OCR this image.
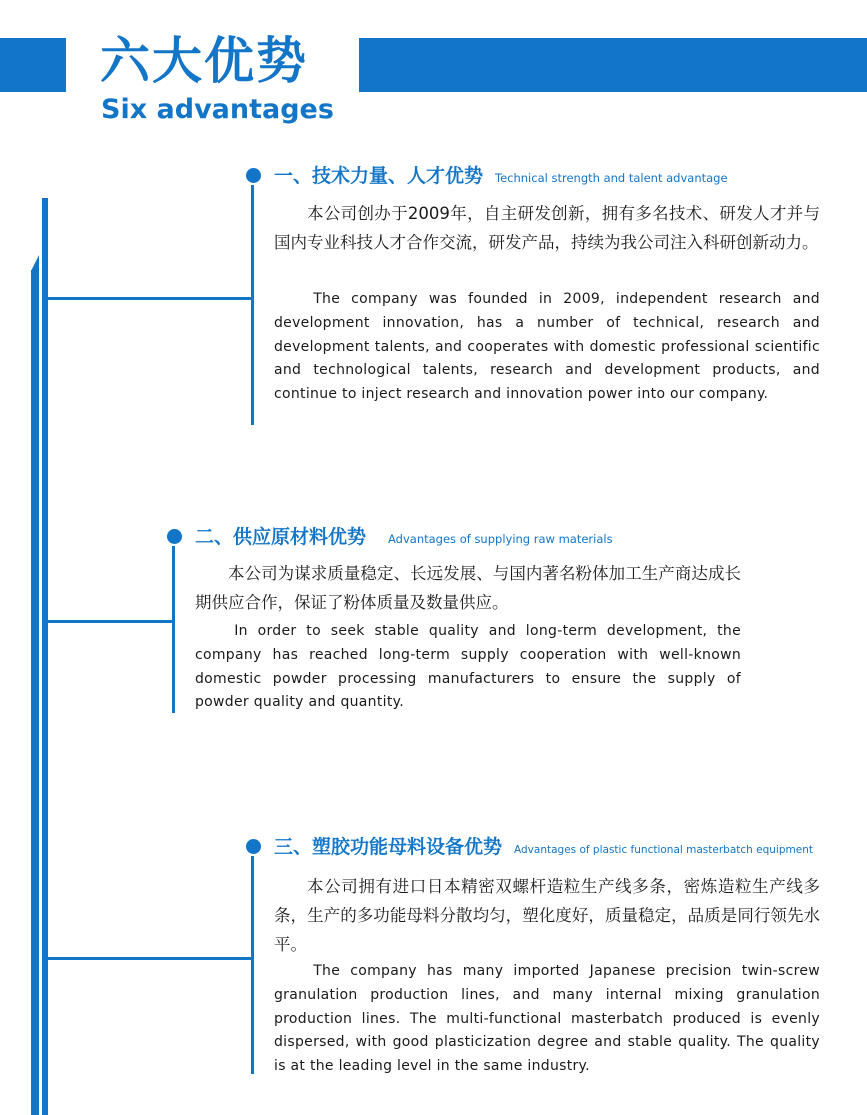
六大优势
Six advantages
一、技术力量、人才优势 Technical strength and talent advantage

本公司创办于2009年，自主研发创新，拥有多名技术、研发人才并与国内专业科技人才合作交流，研发产品，持续为我公司注入科研创新动力。

The company was founded in 2009, independent research and development innovation, has a number of technical, research and development talents, and cooperates with domestic professional scientific and technological talents, research and development products, and continue to inject research and innovation power into our company.

二、供应原材料优势 Advantages of supplying raw materials

本公司为谋求质量稳定、长远发展、与国内著名粉体加工生产商达成长期供应合作，保证了粉体质量及数量供应。

In order to seek stable quality and long-term development, the company has reached long-term supply cooperation with well-known domestic powder processing manufacturers to ensure the supply of powder quality and quantity.

三、塑胶功能母料设备优势 Advantages of plastic functional masterbatch equipment

本公司拥有进口日本精密双螺杆造粒生产线多条，密炼造粒生产线多条，生产的多功能母料分散均匀，塑化度好，质量稳定，品质是同行领先水平。

The company has many imported Japanese precision twin-screw granulation production lines, and many internal mixing granulation production lines. The multi-functional masterbatch produced is evenly dispersed, with good plasticization degree and stable quality. The quality is at the leading level in the same industry.
